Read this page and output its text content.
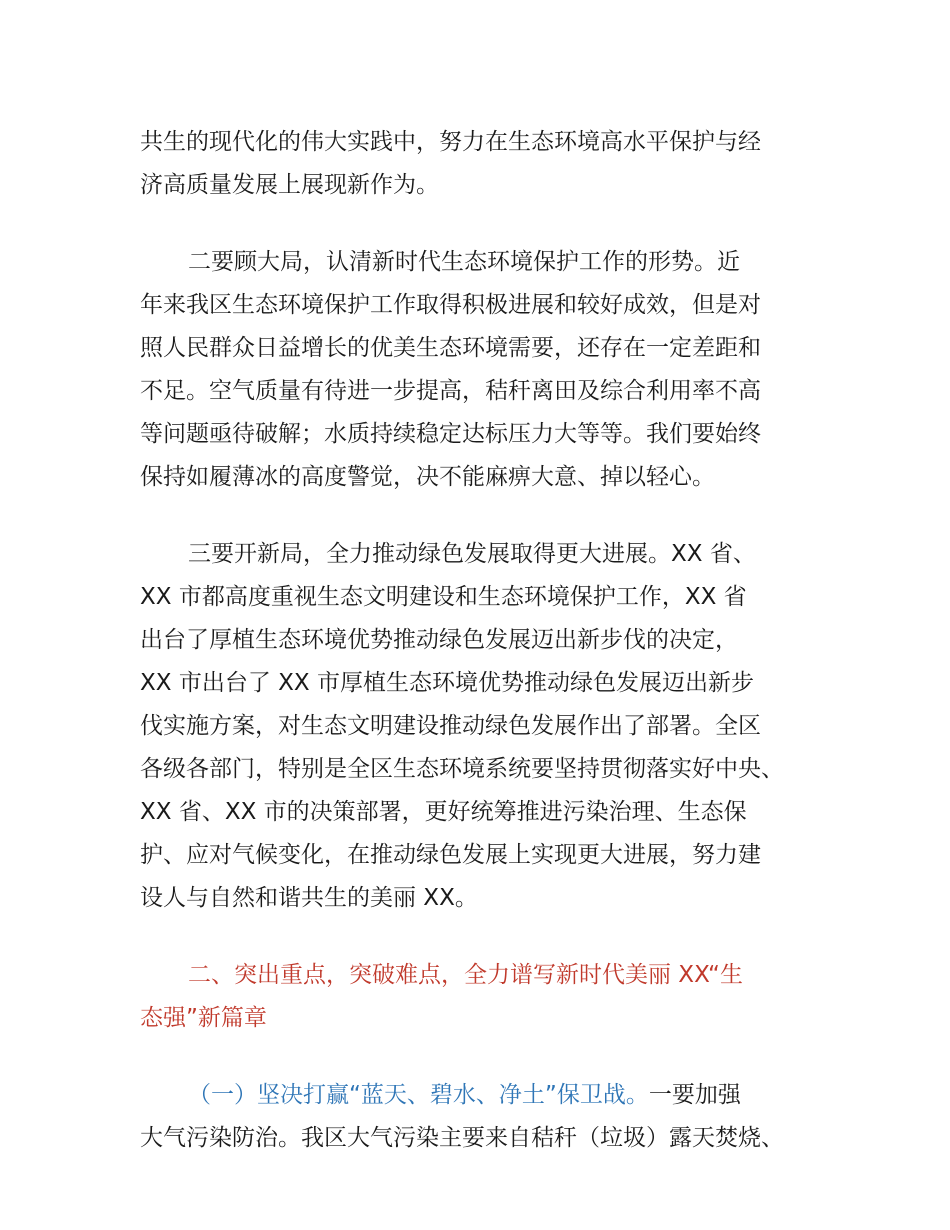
共生的现代化的伟大实践中，努力在生态环境高水平保护与经
济高质量发展上展现新作为。
二要顾大局，认清新时代生态环境保护工作的形势。近
年来我区生态环境保护工作取得积极进展和较好成效，但是对
照人民群众日益增长的优美生态环境需要，还存在一定差距和
不足。空气质量有待进一步提高，秸秆离田及综合利用率不高
等问题亟待破解；水质持续稳定达标压力大等等。我们要始终
保持如履薄冰的高度警觉，决不能麻痹大意、掉以轻心。
三要开新局，全力推动绿色发展取得更大进展。XX 省、
XX 市都高度重视生态文明建设和生态环境保护工作，XX 省
出台了厚植生态环境优势推动绿色发展迈出新步伐的决定，
XX 市出台了 XX 市厚植生态环境优势推动绿色发展迈出新步
伐实施方案，对生态文明建设推动绿色发展作出了部署。全区
各级各部门，特别是全区生态环境系统要坚持贯彻落实好中央、
XX 省、XX 市的决策部署，更好统筹推进污染治理、生态保
护、应对气候变化，在推动绿色发展上实现更大进展，努力建
设人与自然和谐共生的美丽 XX。
二、突出重点，突破难点，全力谱写新时代美丽 XX“生
态强”新篇章
（一）坚决打赢“蓝天、碧水、净土”保卫战。一要加强
大气污染防治。我区大气污染主要来自秸秆（垃圾）露天焚烧、
